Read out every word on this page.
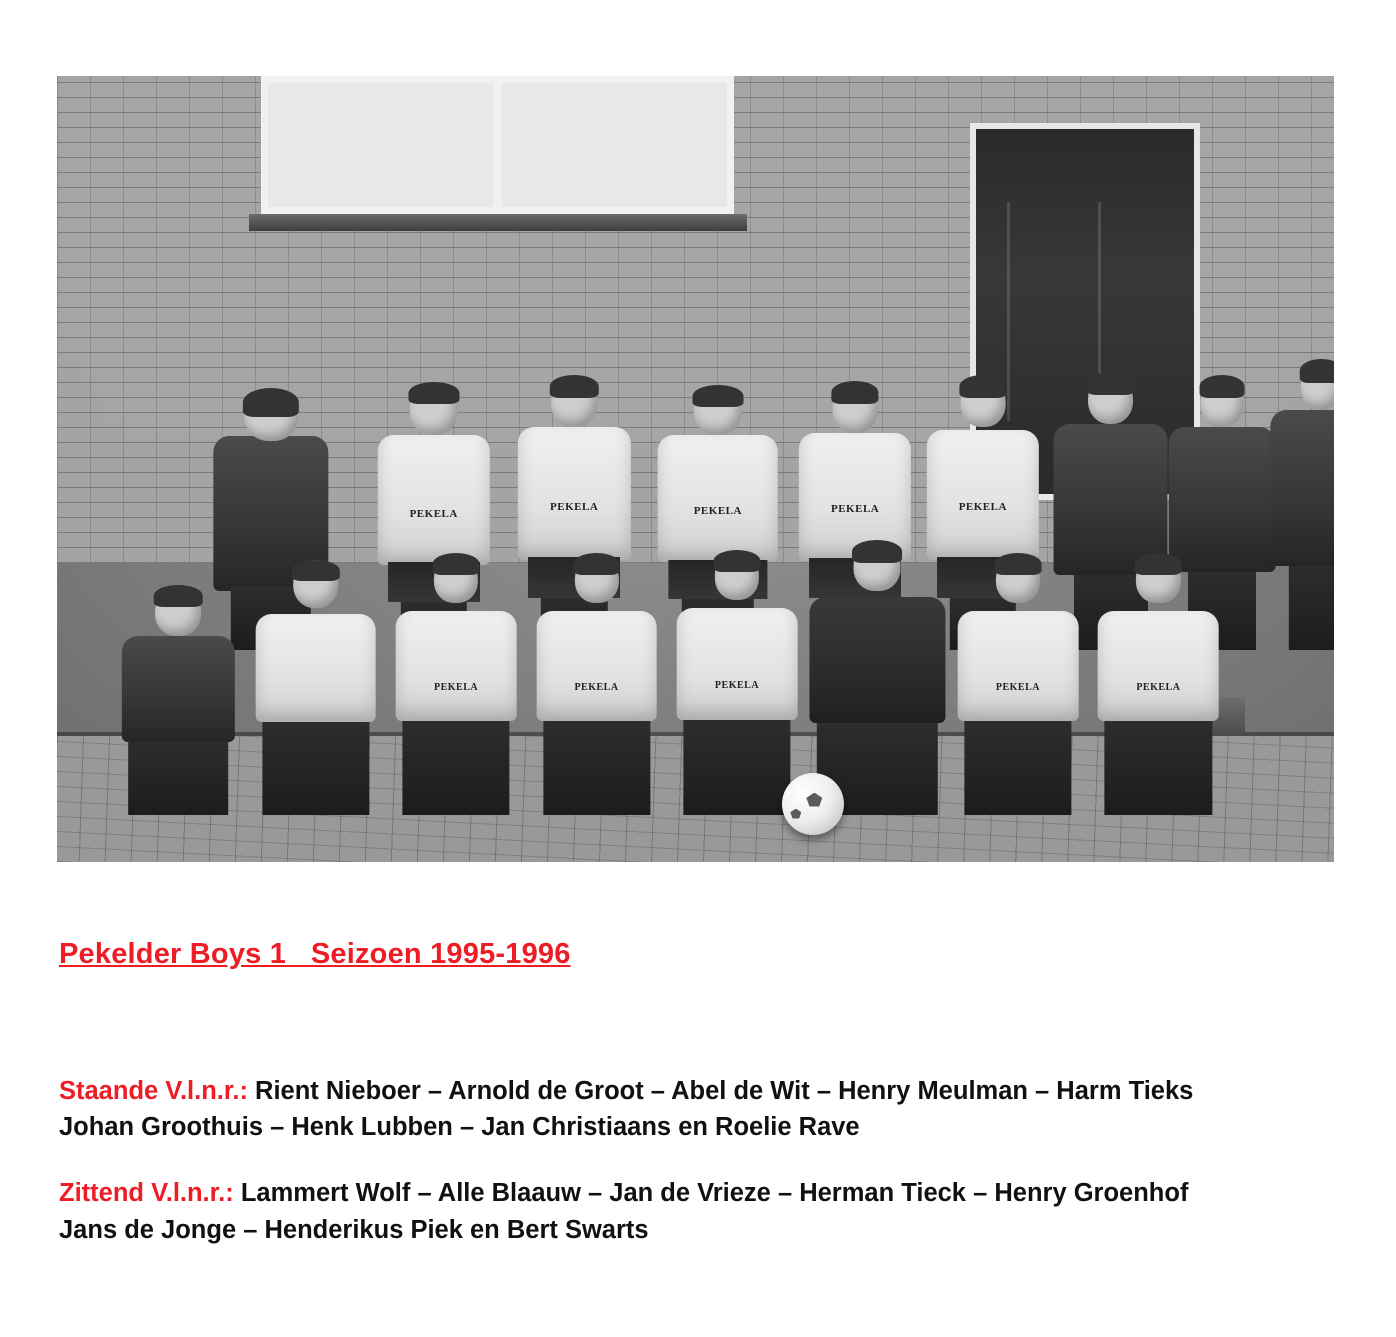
PEKELA
PEKELA	PEKELA	PEKELA	PEKELA
PEKELA	PEKELA	PEKELA	PEKELA	PEKELA
Pekelder Boys 1   Seizoen 1995-1996
Staande V.l.n.r.: Rient Nieboer – Arnold de Groot – Abel de Wit – Henry Meulman – Harm Tieks
Johan Groothuis – Henk Lubben – Jan Christiaans en Roelie Rave
Zittend V.l.n.r.: Lammert Wolf – Alle Blaauw – Jan de Vrieze – Herman Tieck – Henry Groenhof
Jans de Jonge – Henderikus Piek en Bert Swarts
